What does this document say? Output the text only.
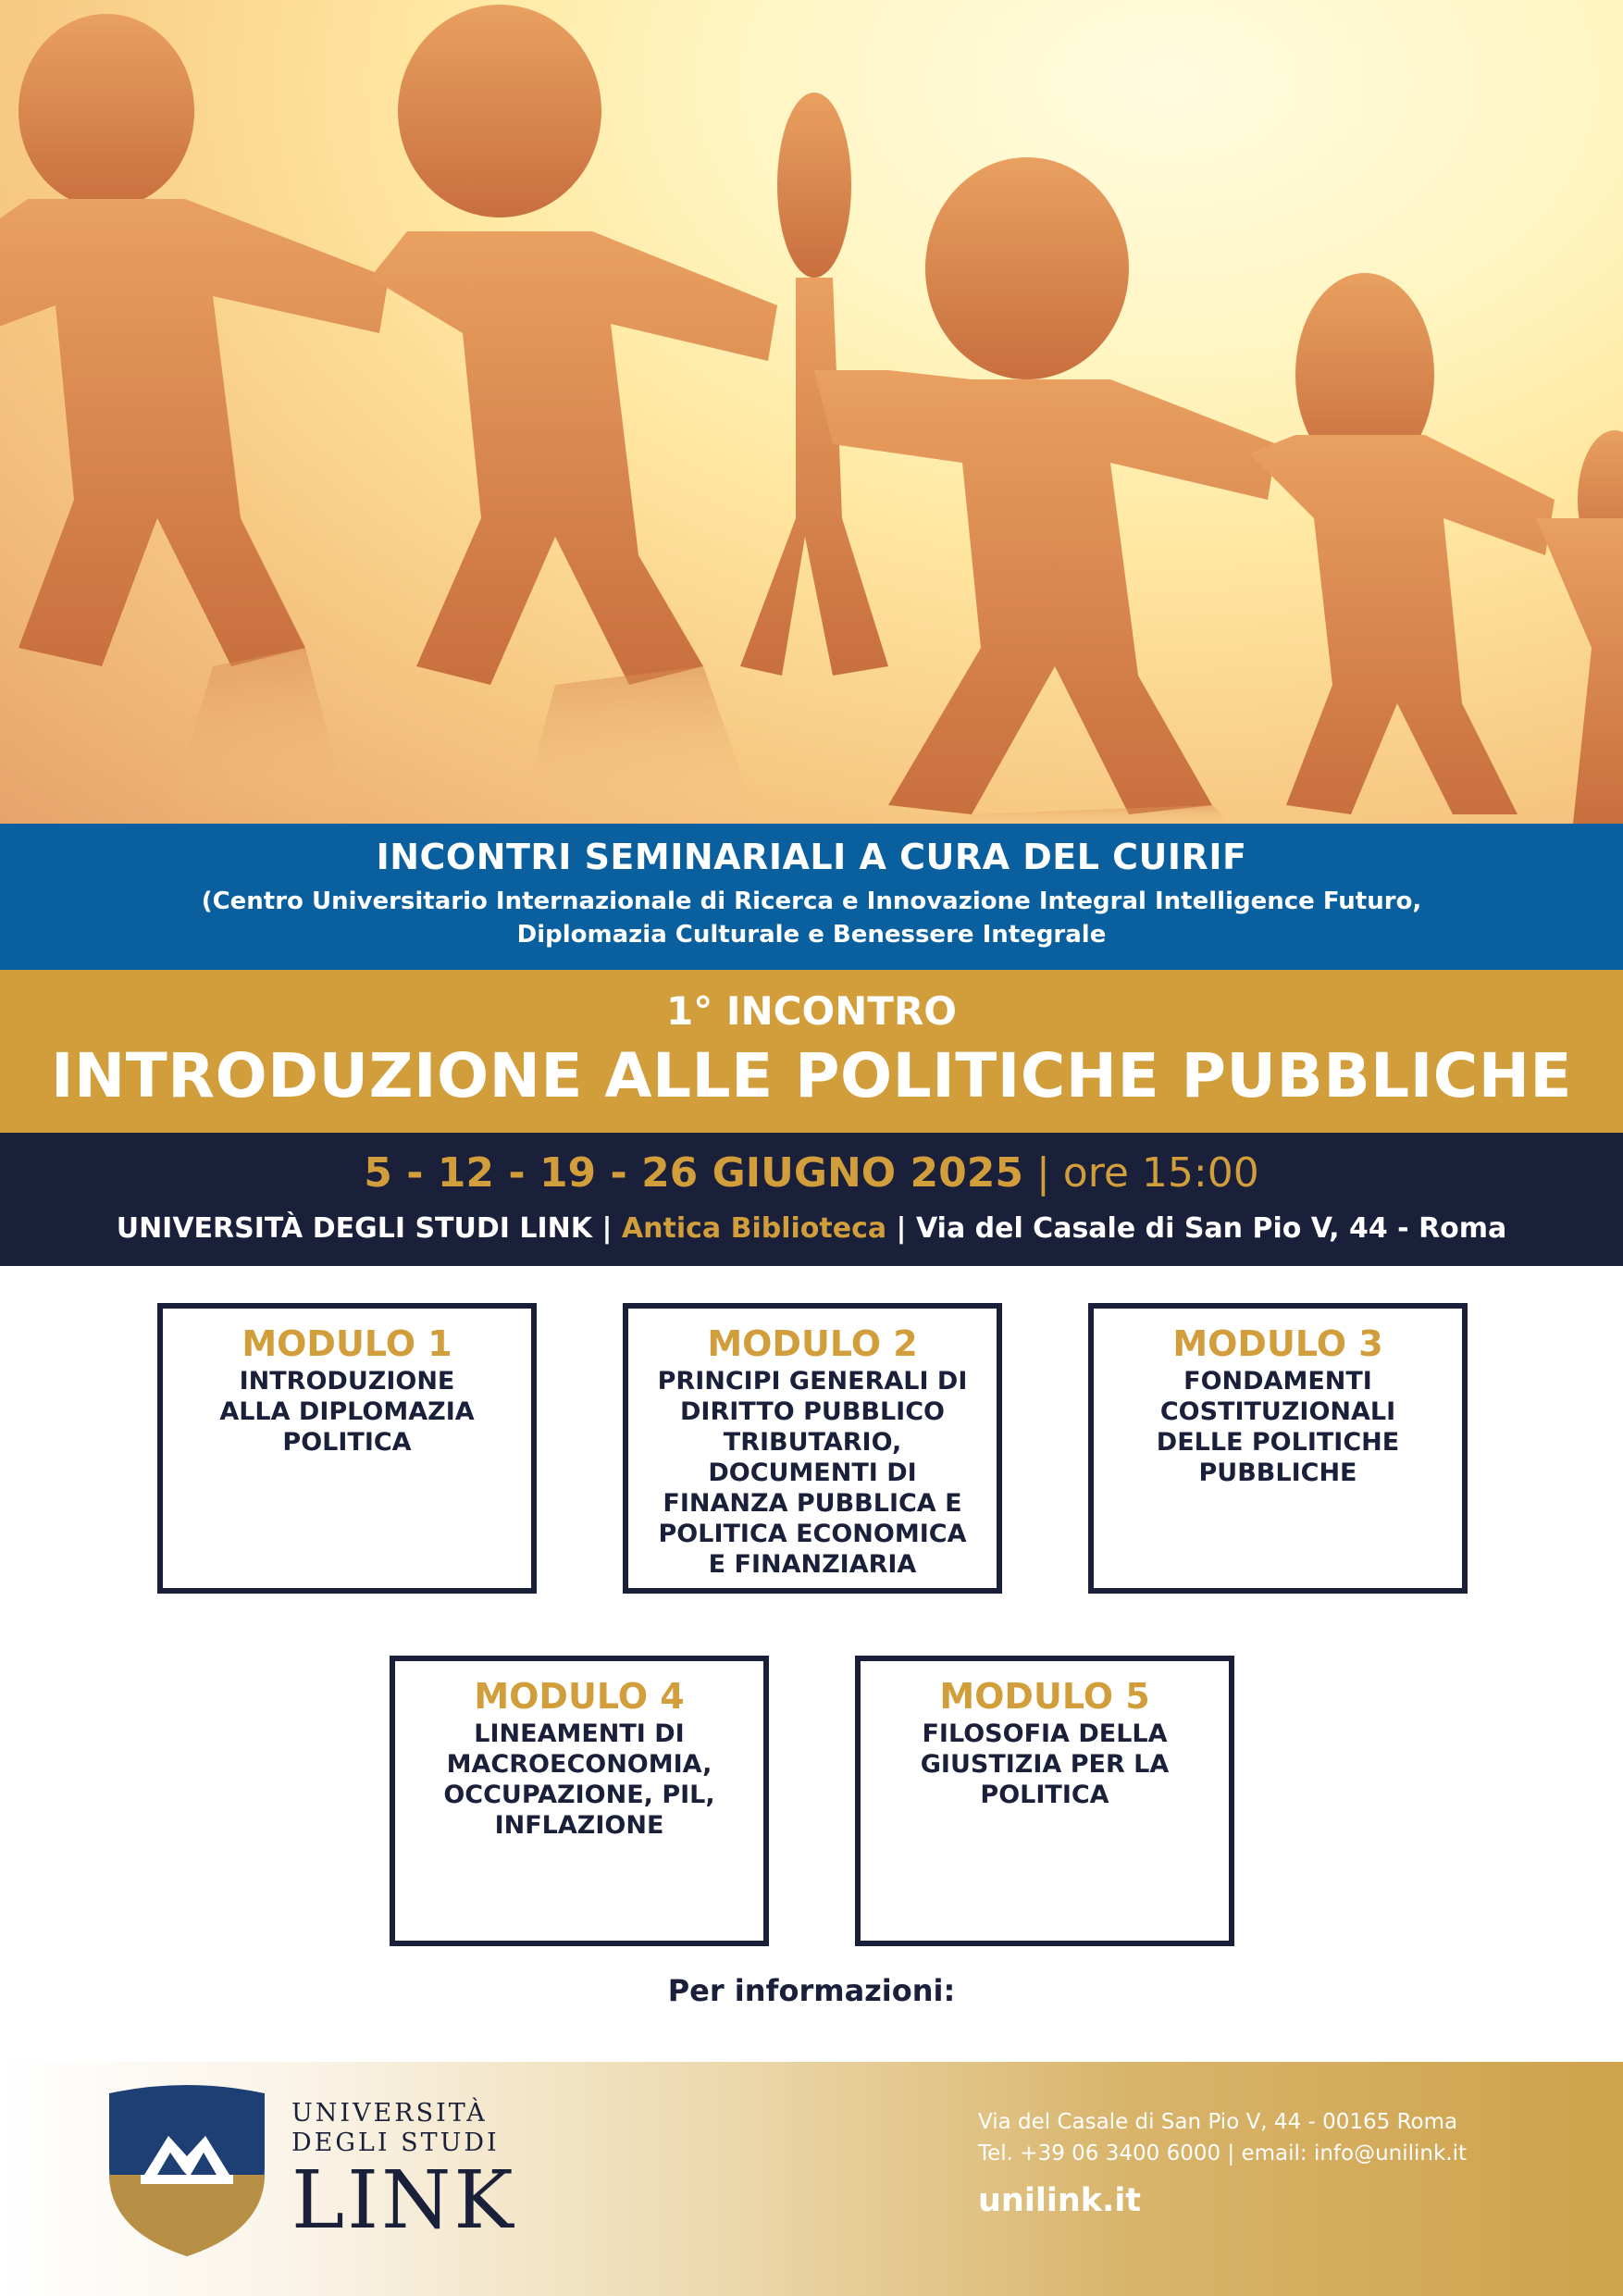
INCONTRI SEMINARIALI A CURA DEL CUIRIF
(Centro Universitario Internazionale di Ricerca e Innovazione Integral Intelligence Futuro,
Diplomazia Culturale e Benessere Integrale
1° INCONTRO
INTRODUZIONE ALLE POLITICHE PUBBLICHE
5 - 12 - 19 - 26 GIUGNO 2025 | ore 15:00
UNIVERSITÀ DEGLI STUDI LINK | Antica Biblioteca | Via del Casale di San Pio V, 44 - Roma
MODULO 1
INTRODUZIONE
ALLA DIPLOMAZIA
POLITICA
MODULO 2
PRINCIPI GENERALI DI
DIRITTO PUBBLICO
TRIBUTARIO,
DOCUMENTI DI
FINANZA PUBBLICA E
POLITICA ECONOMICA
E FINANZIARIA
MODULO 3
FONDAMENTI
COSTITUZIONALI
DELLE POLITICHE
PUBBLICHE
MODULO 4
LINEAMENTI DI
MACROECONOMIA,
OCCUPAZIONE, PIL,
INFLAZIONE
MODULO 5
FILOSOFIA DELLA
GIUSTIZIA PER LA
POLITICA
Per informazioni:
UNIVERSITÀ
DEGLI STUDI
LINK
Via del Casale di San Pio V, 44 - 00165 Roma
Tel. +39 06 3400 6000 | email: info@unilink.it
unilink.it
